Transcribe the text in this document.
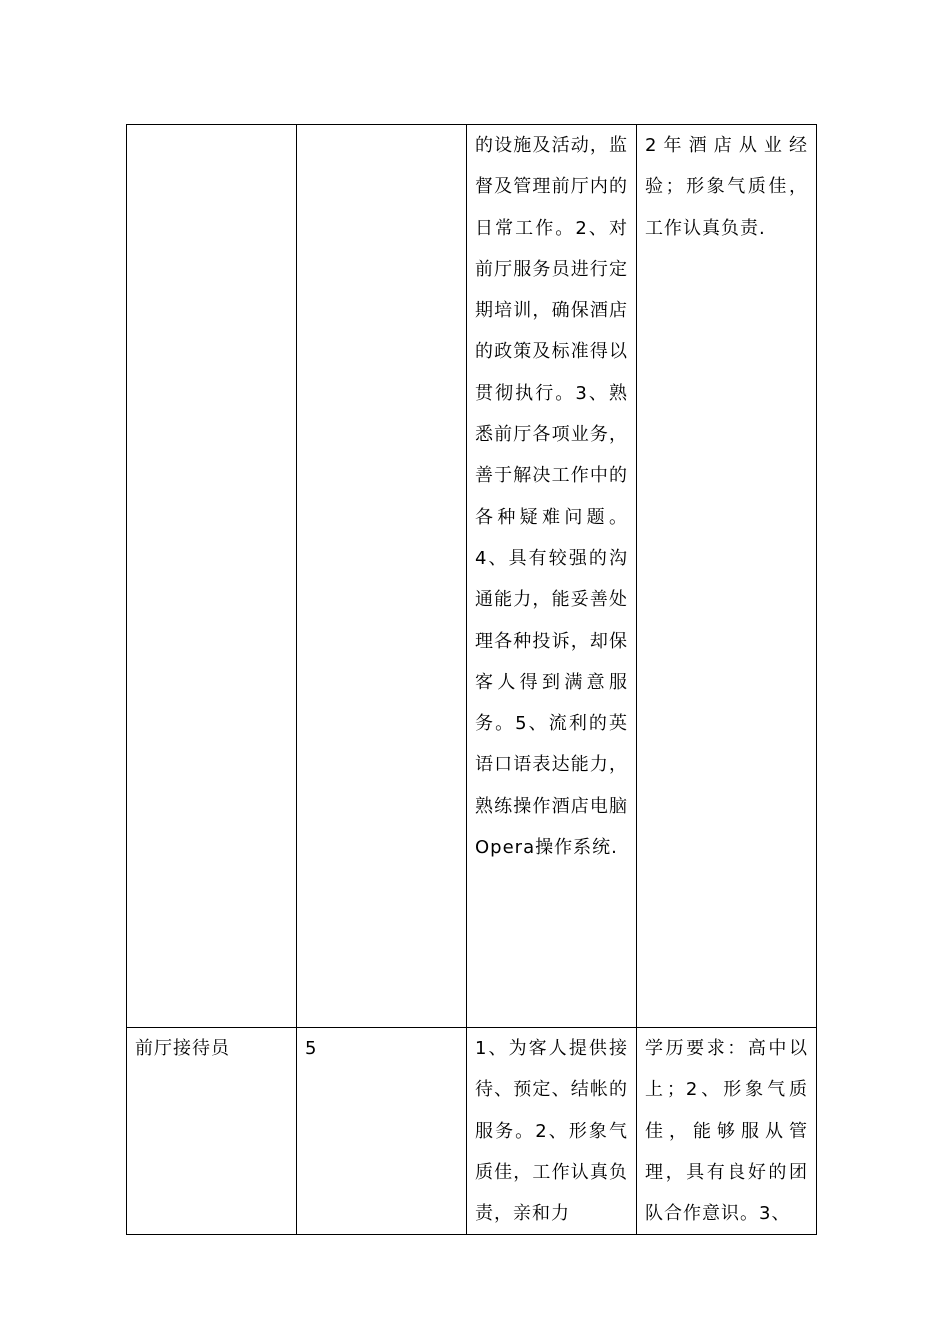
		的设施及活动，监督及管理前厅内的日常工作。2、对前厅服务员进行定期培训，确保酒店的政策及标准得以贯彻执行。3、熟悉前厅各项业务，善于解决工作中的各种疑难问题。4、具有较强的沟通能力，能妥善处理各种投诉，却保客人得到满意服务。5、流利的英语口语表达能力，熟练操作酒店电脑Opera操作系统.	2年酒店从业经验；形象气质佳，工作认真负责.
前厅接待员	5	1、为客人提供接待、预定、结帐的服务。2、形象气质佳，工作认真负责，亲和力	学历要求：高中以上；2、形象气质佳，能够服从管理，具有良好的团队合作意识。3、
